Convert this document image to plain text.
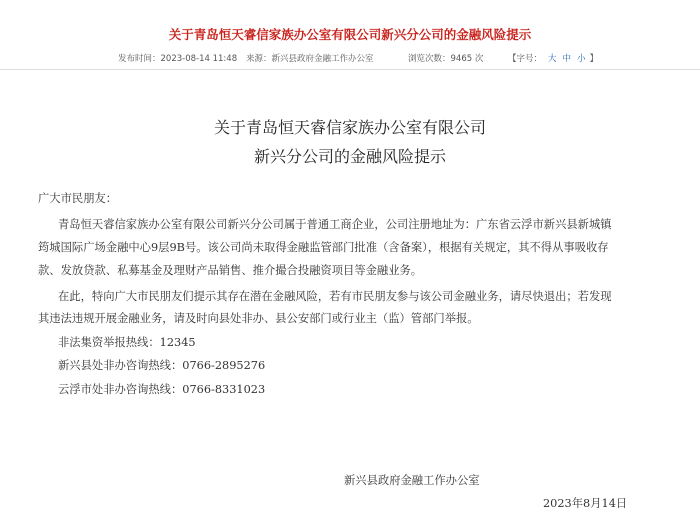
关于青岛恒天睿信家族办公室有限公司新兴分公司的金融风险提示
发布时间：2023-08-14 11:48 来源：新兴县政府金融工作办公室	浏览次数：9465 次	【字号： 大 中 小 】
关于青岛恒天睿信家族办公室有限公司
新兴分公司的金融风险提示
广大市民朋友：
青岛恒天睿信家族办公室有限公司新兴分公司属于普通工商企业，公司注册地址为：广东省云浮市新兴县新城镇
筠城国际广场金融中心9层9B号。该公司尚未取得金融监管部门批准（含备案），根据有关规定，其不得从事吸收存
款、发放贷款、私募基金及理财产品销售、推介撮合投融资项目等金融业务。
在此，特向广大市民朋友们提示其存在潜在金融风险，若有市民朋友参与该公司金融业务，请尽快退出；若发现
其违法违规开展金融业务，请及时向县处非办、县公安部门或行业主（监）管部门举报。
非法集资举报热线：12345
新兴县处非办咨询热线：0766-2895276
云浮市处非办咨询热线：0766-8331023
新兴县政府金融工作办公室
2023年8月14日
